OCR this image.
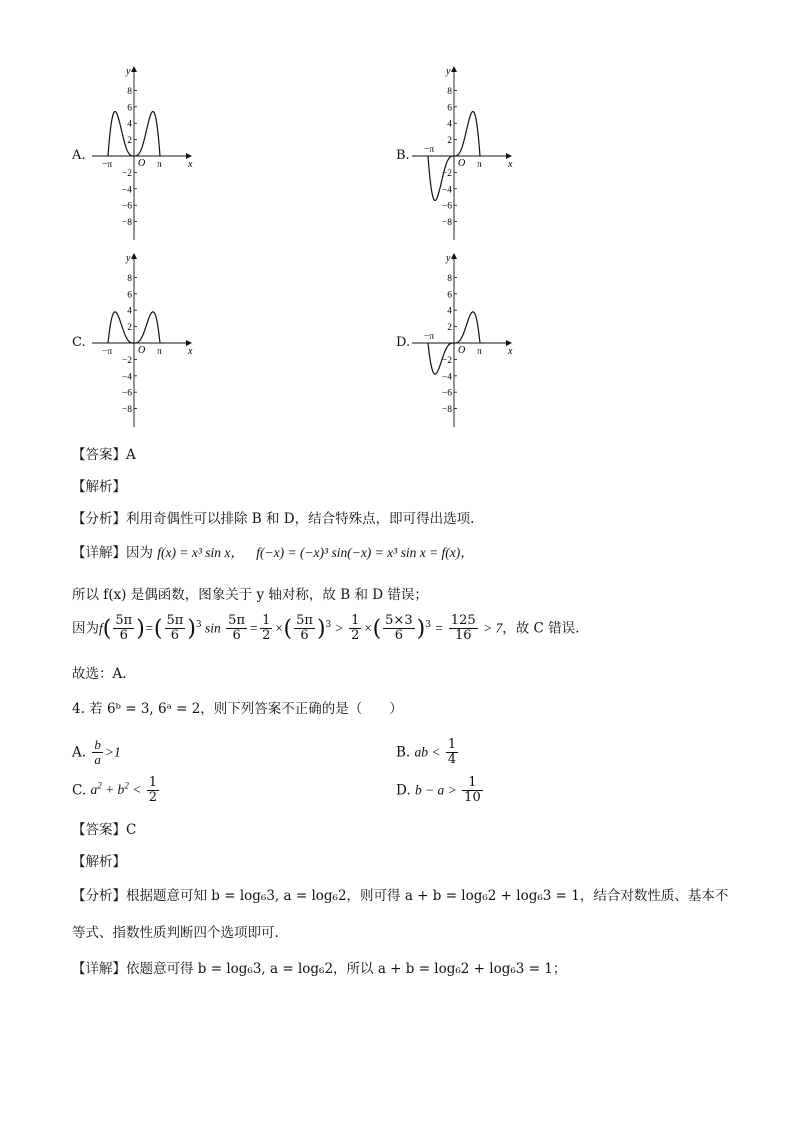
A.
y
x
O
8
6
4
2
−2
−4
−6
−8
−π	π
B.
y
x
O
8
6
4
2
−2
−4
−6
−8
−π
π
C.
y
x
O
8
6
4
2
−2
−4
−6
−8
−π	π
D.
y
x
O
8
6
4
2
−2
−4
−6
−8
−π
π
【答案】A
【解析】
【分析】利用奇偶性可以排除 B 和 D，结合特殊点，即可得出选项.
【详解】因为 f(x) = x³ sin x， f(−x) = (−x)³ sin(−x) = x³ sin x = f(x)，
所以 f(x) 是偶函数，图象关于 y 轴对称，故 B 和 D 错误；
因为$f( \frac{5\pi}{6}$ )=( $\frac{5\pi}{6} )^3$ $\sin \frac{5\pi}{6} = \frac{1}{2}$ ×( $\frac{5\pi}{6} )^3 > \frac{1}{2}$ ×( $\frac{5\times 3}{6} )^3 = \frac{125}{16} > 7$，故 C 错误.
故选：A.
4. 若 6ᵇ = 3, 6ᵃ = 2，则下列答案不正确的是（　　）
A. $\frac{b}{a} >1$	B. ab < $\frac{1}{4}$
C. $a^2 + b^2 < \frac{1}{2}$	D. $b - a > \frac{1}{10}$
【答案】C
【解析】
【分析】根据题意可知 b = log₆3, a = log₆2，则可得 a + b = log₆2 + log₆3 = 1，结合对数性质、基本不
等式、指数性质判断四个选项即可.
【详解】依题意可得 b = log₆3, a = log₆2，所以 a + b = log₆2 + log₆3 = 1；
